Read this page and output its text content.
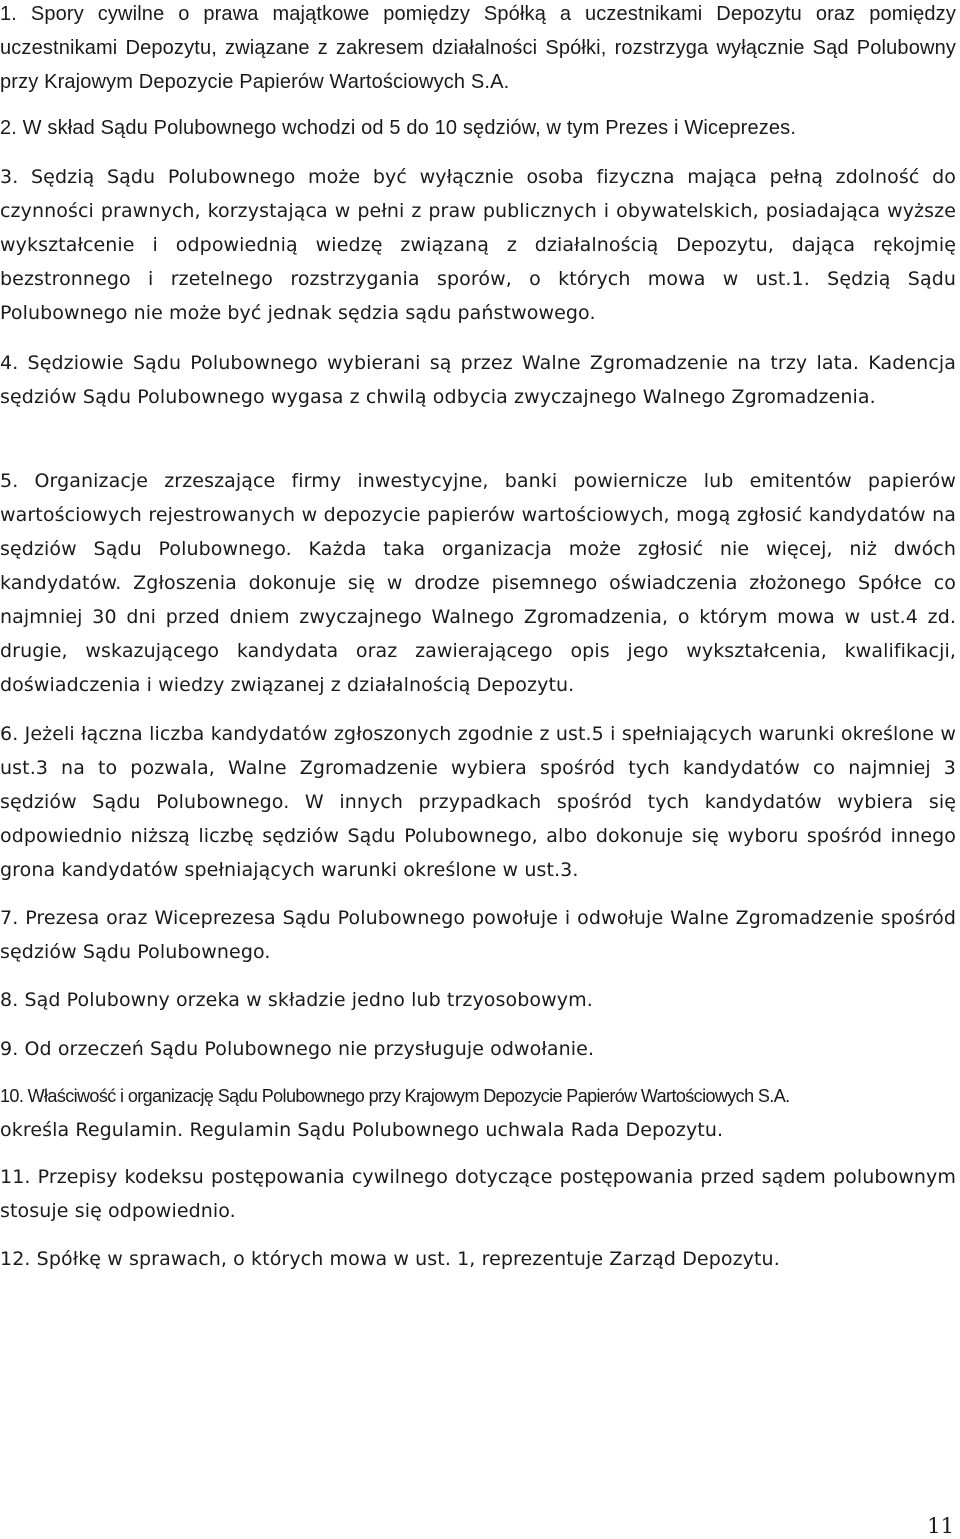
1. Spory cywilne o prawa majątkowe pomiędzy Spółką a uczestnikami Depozytu oraz pomiędzy uczestnikami Depozytu, związane z zakresem działalności Spółki, rozstrzyga wyłącznie Sąd Polubowny przy Krajowym Depozycie Papierów Wartościowych S.A.

2. W skład Sądu Polubownego wchodzi od 5 do 10 sędziów, w tym Prezes i Wiceprezes.

3. Sędzią Sądu Polubownego może być wyłącznie osoba fizyczna mająca pełną zdolność do czynności prawnych, korzystająca w pełni z praw publicznych i obywatelskich, posiadająca wyższe wykształcenie i odpowiednią wiedzę związaną z działalnością Depozytu, dająca rękojmię bezstronnego i rzetelnego rozstrzygania sporów, o których mowa w ust.1. Sędzią Sądu Polubownego nie może być jednak sędzia sądu państwowego.

4. Sędziowie Sądu Polubownego wybierani są przez Walne Zgromadzenie na trzy lata. Kadencja sędziów Sądu Polubownego wygasa z chwilą odbycia zwyczajnego Walnego Zgromadzenia.

5. Organizacje zrzeszające firmy inwestycyjne, banki powiernicze lub emitentów papierów wartościowych rejestrowanych w depozycie papierów wartościowych, mogą zgłosić kandydatów na sędziów Sądu Polubownego. Każda taka organizacja może zgłosić nie więcej, niż dwóch kandydatów. Zgłoszenia dokonuje się w drodze pisemnego oświadczenia złożonego Spółce co najmniej 30 dni przed dniem zwyczajnego Walnego Zgromadzenia, o którym mowa w ust.4 zd. drugie, wskazującego kandydata oraz zawierającego opis jego wykształcenia, kwalifikacji, doświadczenia i wiedzy związanej z działalnością Depozytu.

6. Jeżeli łączna liczba kandydatów zgłoszonych zgodnie z ust.5 i spełniających warunki określone w ust.3 na to pozwala, Walne Zgromadzenie wybiera spośród tych kandydatów co najmniej 3 sędziów Sądu Polubownego. W innych przypadkach spośród tych kandydatów wybiera się odpowiednio niższą liczbę sędziów Sądu Polubownego, albo dokonuje się wyboru spośród innego grona kandydatów spełniających warunki określone w ust.3.

7. Prezesa oraz Wiceprezesa Sądu Polubownego powołuje i odwołuje Walne Zgromadzenie spośród sędziów Sądu Polubownego.

8. Sąd Polubowny orzeka w składzie jedno lub trzyosobowym.

9. Od orzeczeń Sądu Polubownego nie przysługuje odwołanie.

10. Właściwość i organizację Sądu Polubownego przy Krajowym Depozycie Papierów Wartościowych S.A.
określa Regulamin. Regulamin Sądu Polubownego uchwala Rada Depozytu.

11. Przepisy kodeksu postępowania cywilnego dotyczące postępowania przed sądem polubownym stosuje się odpowiednio.

12. Spółkę w sprawach, o których mowa w ust. 1, reprezentuje Zarząd Depozytu.

11
